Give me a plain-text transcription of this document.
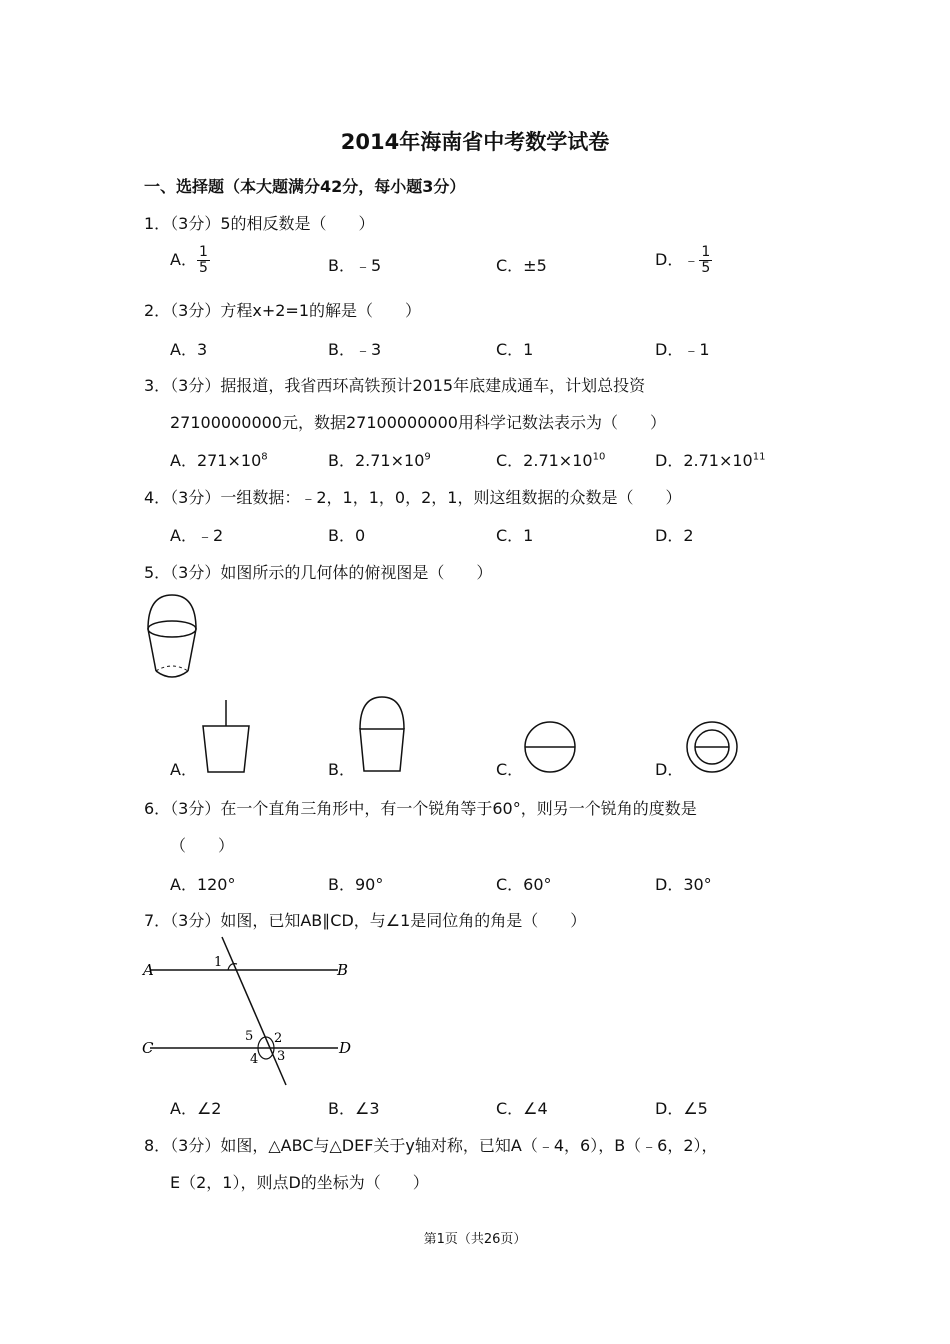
2014年海南省中考数学试卷
一、选择题（本大题满分42分，每小题3分）
1．（3分）5的相反数是（　　）
A． $\frac{1}{5}$	B．﹣5	C．±5	D．﹣ $\frac{1}{5}$
2．（3分）方程x+2=1的解是（　　）
A．3	B．﹣3	C．1	D．﹣1
3．（3分）据报道，我省西环高铁预计2015年底建成通车，计划总投资
27100000000元，数据27100000000用科学记数法表示为（　　）
A．$271\times 10^8$	B．$2.71\times 10^9$	C．$2.71\times 10^{10}$	D．$2.71\times 10^{11}$
4．（3分）一组数据：﹣2，1，1，0，2，1，则这组数据的众数是（　　）
A．﹣2	B．0	C．1	D．2
5．（3分）如图所示的几何体的俯视图是（　　）
A．	B．	C．	D．
6．（3分）在一个直角三角形中，有一个锐角等于60°，则另一个锐角的度数是
（　　）
A．120°	B．90°	C．60°	D．30°
7．（3分）如图，已知AB∥CD，与∠1是同位角的角是（　　）
A	B
C	D
1
2
3
4
5
A．∠2	B．∠3	C．∠4	D．∠5
8．（3分）如图，△ABC与△DEF关于y轴对称，已知A（﹣4，6），B（﹣6，2），
E（2，1），则点D的坐标为（　　）
第1页（共26页）
